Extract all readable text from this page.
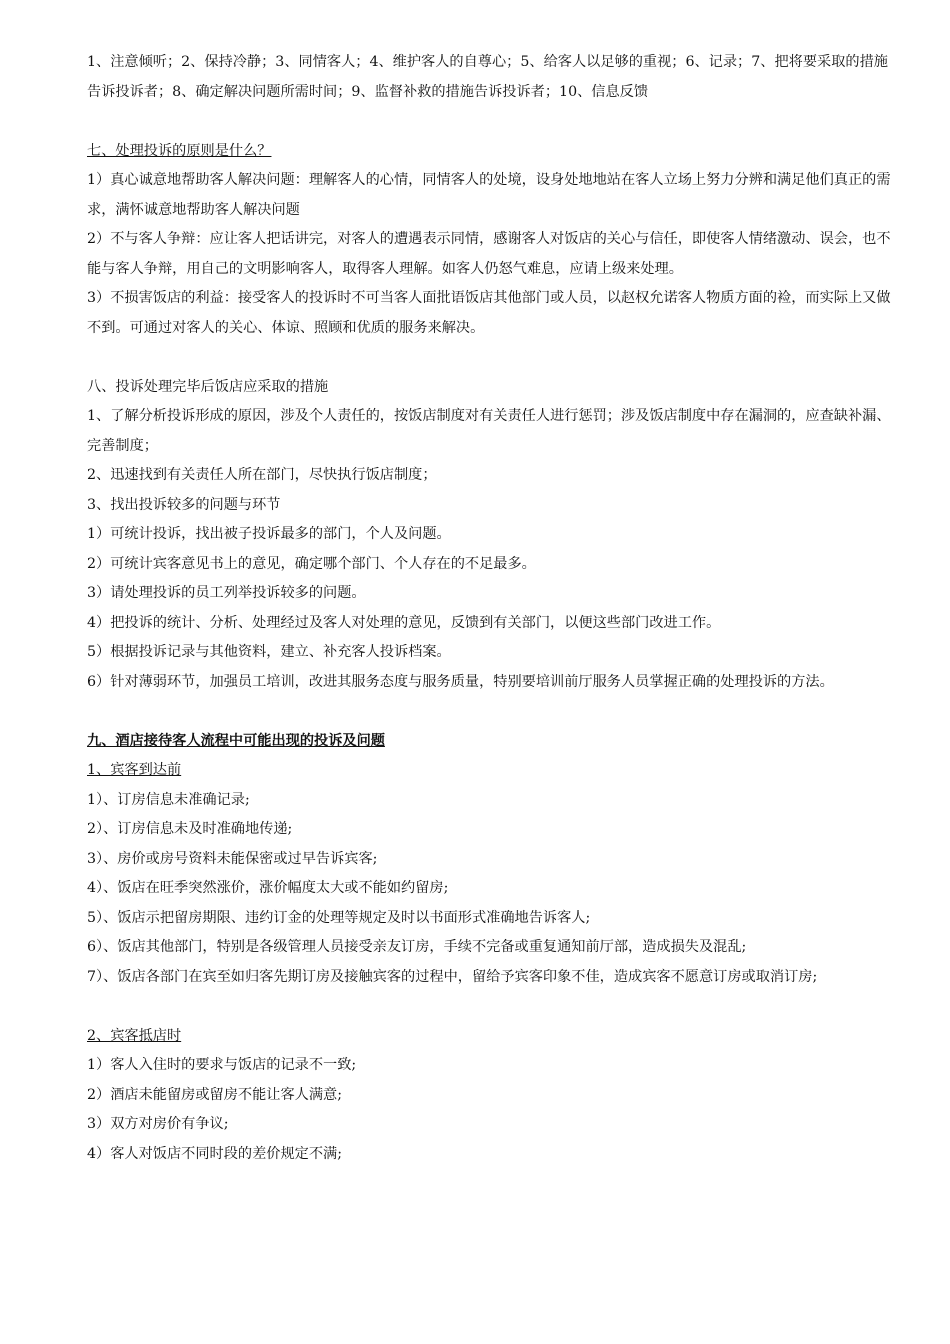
1、注意倾听；2、保持冷静；3、同情客人；4、维护客人的自尊心；5、给客人以足够的重视；6、记录；7、把将要采取的措施告诉投诉者；8、确定解决问题所需时间；9、监督补救的措施告诉投诉者；10、信息反馈

七、处理投诉的原则是什么？

1）真心诚意地帮助客人解决问题：理解客人的心情，同情客人的处境，设身处地地站在客人立场上努力分辨和满足他们真正的需求，满怀诚意地帮助客人解决问题

2）不与客人争辩：应让客人把话讲完，对客人的遭遇表示同情，感谢客人对饭店的关心与信任，即使客人情绪激动、误会，也不能与客人争辩，用自己的文明影响客人，取得客人理解。如客人仍怒气难息，应请上级来处理。

3）不损害饭店的利益：接受客人的投诉时不可当客人面批语饭店其他部门或人员，以赵权允诺客人物质方面的裣，而实际上又做不到。可通过对客人的关心、体谅、照顾和优质的服务来解决。

八、投诉处理完毕后饭店应采取的措施

1、了解分析投诉形成的原因，涉及个人责任的，按饭店制度对有关责任人进行惩罚；涉及饭店制度中存在漏洞的，应查缺补漏、完善制度；

2、迅速找到有关责任人所在部门，尽快执行饭店制度；

3、找出投诉较多的问题与环节

1）可统计投诉，找出被子投诉最多的部门，个人及问题。

2）可统计宾客意见书上的意见，确定哪个部门、个人存在的不足最多。

3）请处理投诉的员工列举投诉较多的问题。

4）把投诉的统计、分析、处理经过及客人对处理的意见，反馈到有关部门，以便这些部门改进工作。

5）根据投诉记录与其他资料，建立、补充客人投诉档案。

6）针对薄弱环节，加强员工培训，改进其服务态度与服务质量，特别要培训前厅服务人员掌握正确的处理投诉的方法。

九、酒店接待客人流程中可能出现的投诉及问题

1、宾客到达前

1）、订房信息未准确记录;

2）、订房信息未及时准确地传递;

3）、房价或房号资料未能保密或过早告诉宾客;

4）、饭店在旺季突然涨价，涨价幅度太大或不能如约留房;

5）、饭店示把留房期限、违约订金的处理等规定及时以书面形式准确地告诉客人;

6）、饭店其他部门，特别是各级管理人员接受亲友订房，手续不完备或重复通知前厅部，造成损失及混乱;

7）、饭店各部门在宾至如归客先期订房及接触宾客的过程中，留给予宾客印象不佳，造成宾客不愿意订房或取消订房;

2、宾客抵店时

1）客人入住时的要求与饭店的记录不一致;

2）酒店未能留房或留房不能让客人满意;

3）双方对房价有争议;

4）客人对饭店不同时段的差价规定不满;
